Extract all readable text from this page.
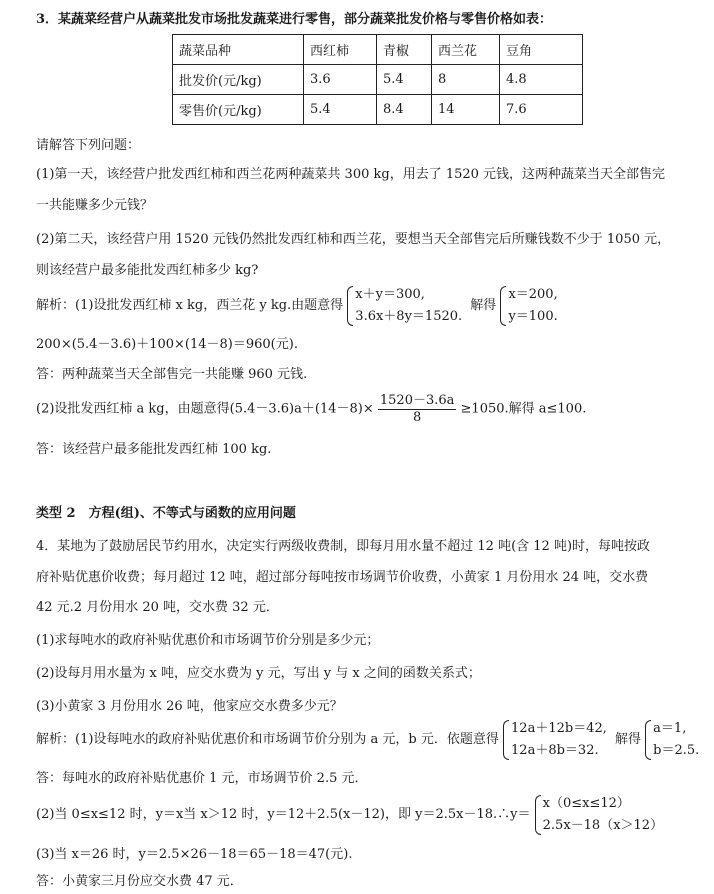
3．某蔬菜经营户从蔬菜批发市场批发蔬菜进行零售，部分蔬菜批发价格与零售价格如表：
蔬菜品种	西红柿	青椒	西兰花	豆角
批发价(元/kg)	3.6	5.4	8	4.8
零售价(元/kg)	5.4	8.4	14	7.6
请解答下列问题：
(1)第一天，该经营户批发西红柿和西兰花两种蔬菜共 300 kg，用去了 1520 元钱，这两种蔬菜当天全部售完
一共能赚多少元钱？
(2)第二天，该经营户用 1520 元钱仍然批发西红柿和西兰花，要想当天全部售完后所赚钱数不少于 1050 元，
则该经营户最多能批发西红柿多少 kg?
解析：(1)设批发西红柿 x kg，西兰花 y kg.由题意得
x＋y＝300,
3.6x＋8y＝1520.
解得
x＝200,
y＝100.
200×(5.4－3.6)＋100×(14－8)＝960(元).
答：两种蔬菜当天全部售完一共能赚 960 元钱.
(2)设批发西红柿 a kg，由题意得$(5.4-3.6)a+(14-8)\times \frac{1520-3.6a}{8} \ge 1050$.解得 a≤100.
答：该经营户最多能批发西红柿 100 kg.
类型 2　方程(组)、不等式与函数的应用问题
4．某地为了鼓励居民节约用水，决定实行两级收费制，即每月用水量不超过 12 吨(含 12 吨)时，每吨按政
府补贴优惠价收费；每月超过 12 吨，超过部分每吨按市场调节价收费，小黄家 1 月份用水 24 吨，交水费
42 元.2 月份用水 20 吨，交水费 32 元．
(1)求每吨水的政府补贴优惠价和市场调节价分别是多少元；
(2)设每月用水量为 x 吨，应交水费为 y 元，写出 y 与 x 之间的函数关系式；
(3)小黄家 3 月份用水 26 吨，他家应交水费多少元？
解析：(1)设每吨水的政府补贴优惠价和市场调节价分别为 a 元，b 元．依题意得
12a＋12b＝42,
12a＋8b＝32.
解得
a＝1,
b＝2.5.
答：每吨水的政府补贴优惠价 1 元，市场调节价 2.5 元．
(2)当 0≤x≤12 时，y＝x当 x＞12 时，y＝12＋2.5(x－12)，即 y＝2.5x－18.∴y＝
x（0≤x≤12）
2.5x－18（x＞12）
(3)当 x＝26 时，y＝2.5×26－18＝65－18＝47(元).
答：小黄家三月份应交水费 47 元．
